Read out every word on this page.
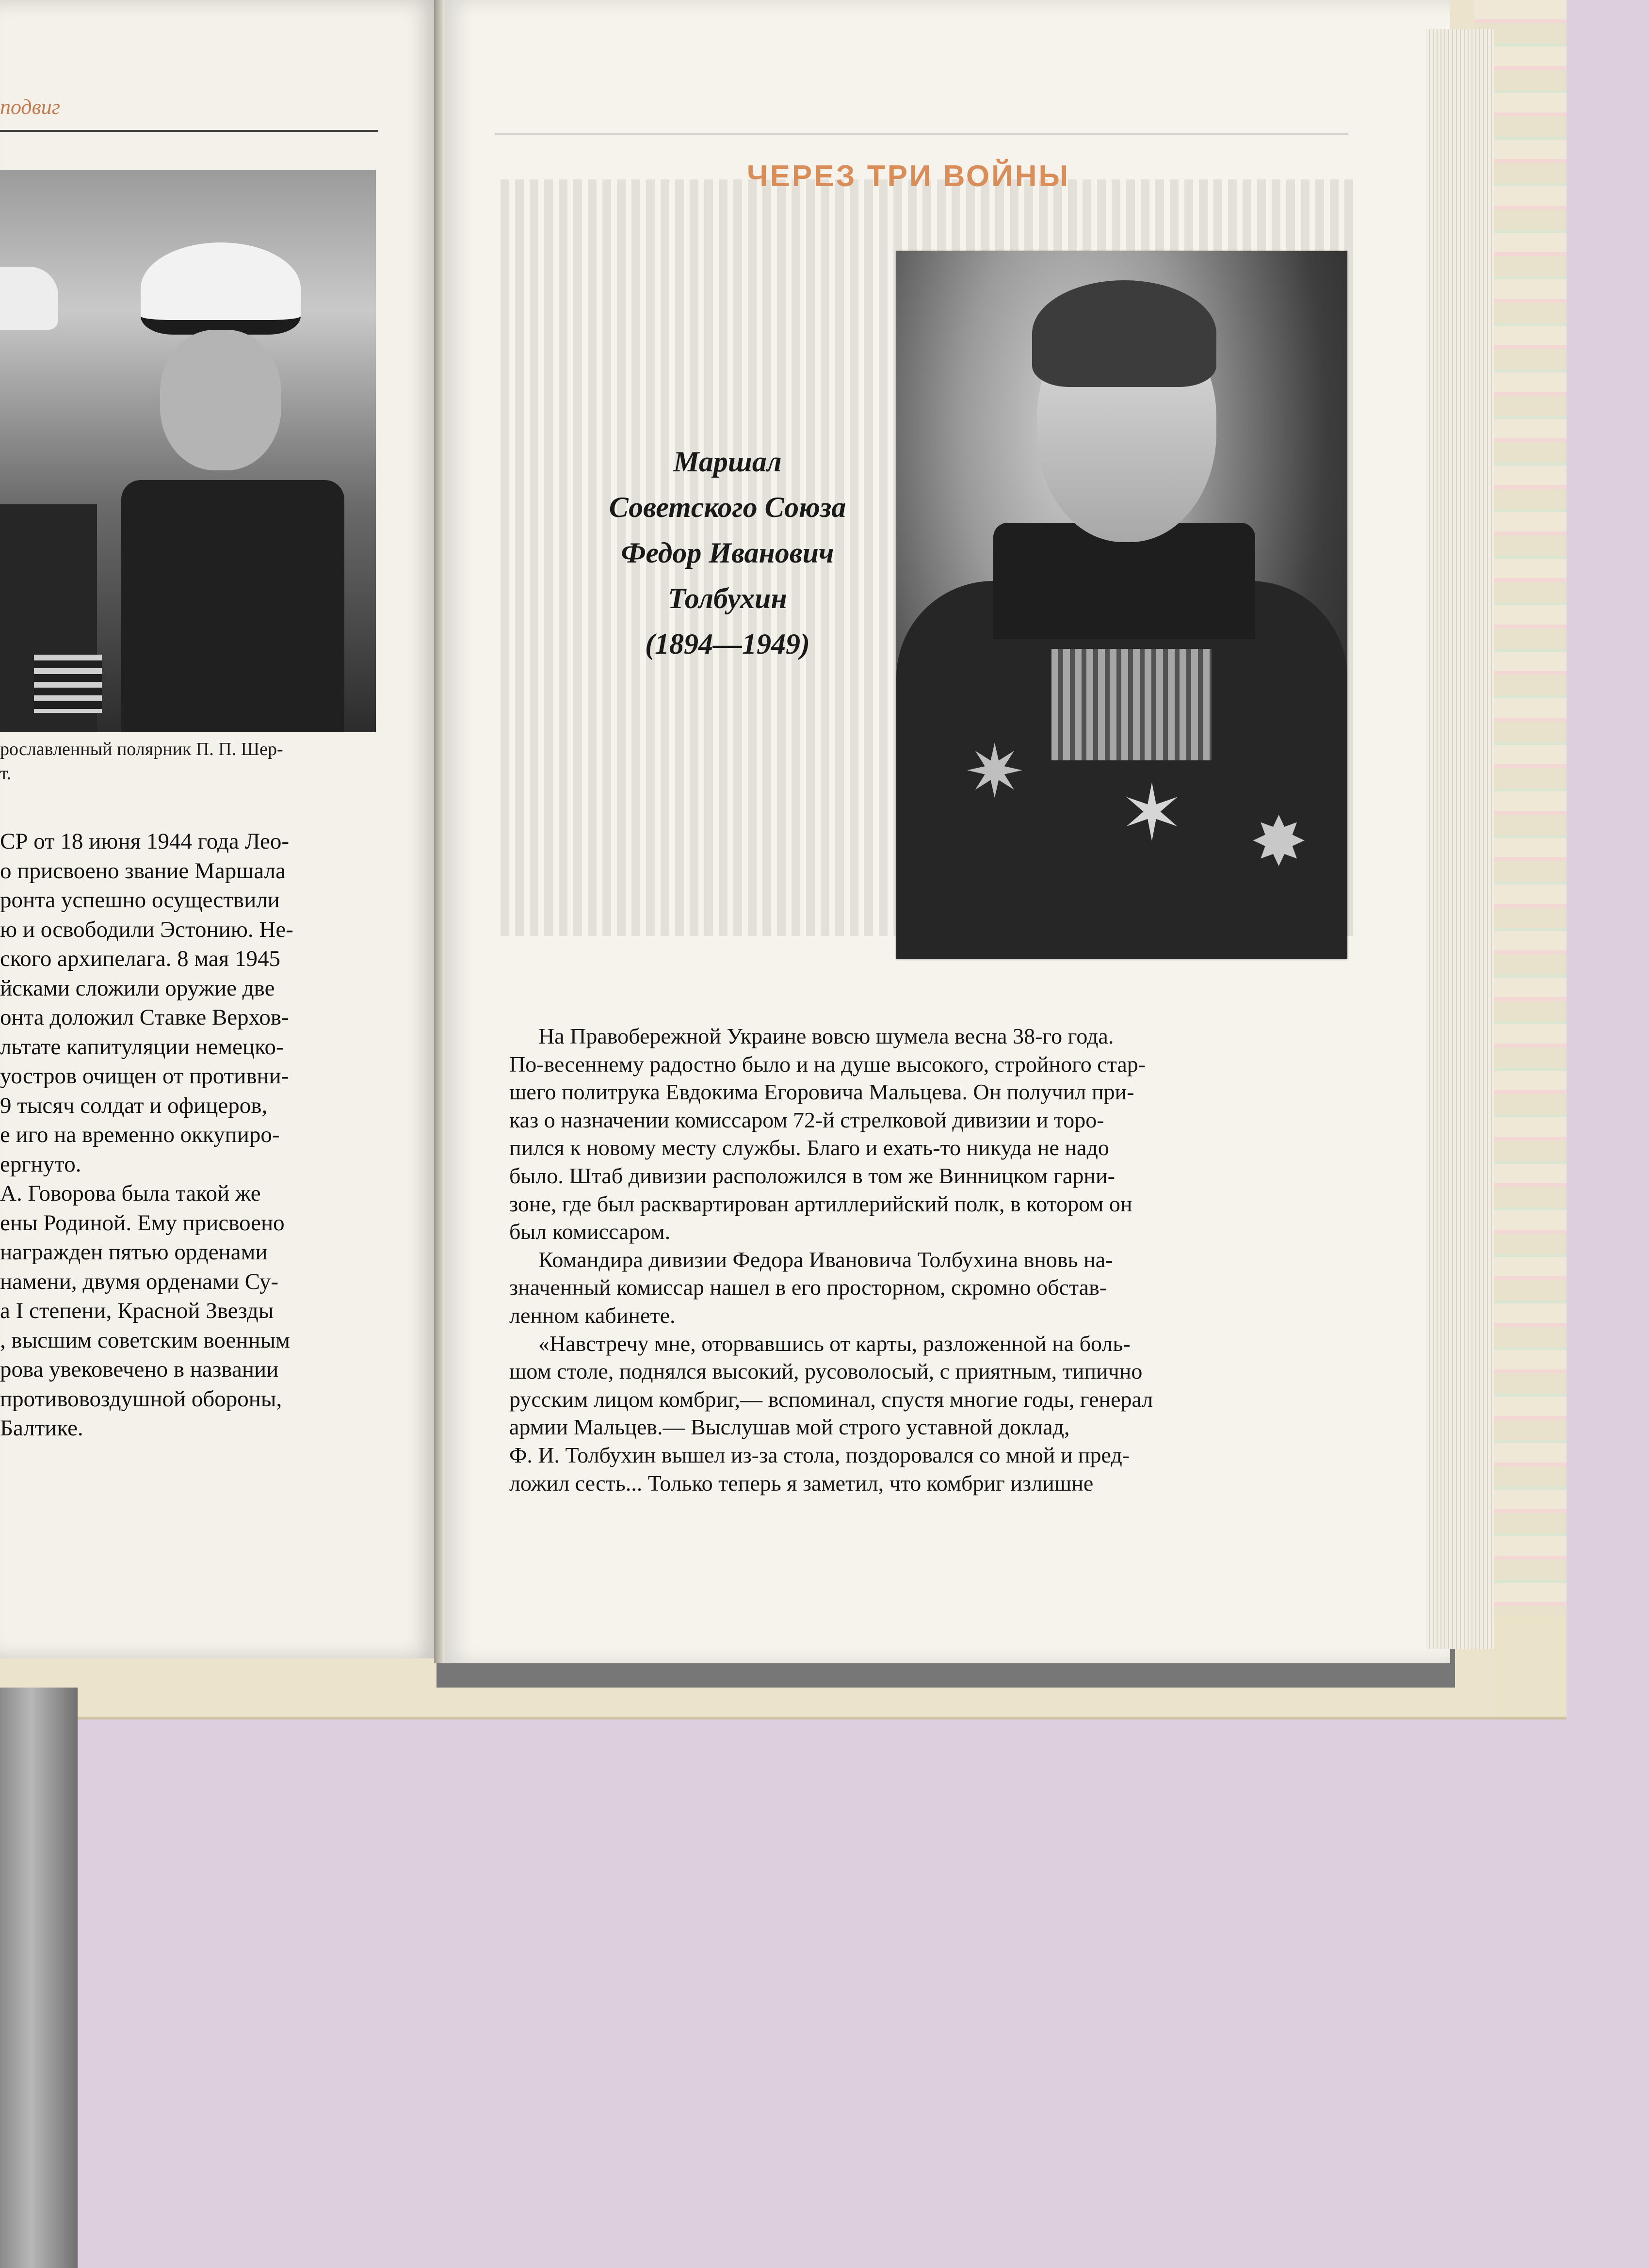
подвиг
рославленный полярник П. П. Шер-
т.

СР от 18 июня 1944 года Лео-

о присвоено звание Маршала

ронта успешно осуществили

ю и освободили Эстонию. Не-

ского архипелага. 8 мая 1945

йсками сложили оружие две

онта доложил Ставке Верхов-

льтате капитуляции немецко-

уостров очищен от противни-

9 тысяч солдат и офицеров,

е иго на временно оккупиро-

ергнуто.

А. Говорова была такой же

ены Родиной. Ему присвоено

награжден пятью орденами

намени, двумя орденами Су-

а I степени, Красной Звезды

, высшим советским военным

рова увековечено в названии

противовоздушной обороны,

Балтике.

ЧЕРЕЗ ТРИ ВОЙНЫ
✶
✷
✸
Маршал
Советского Союза
Федор Иванович
Толбухин
(1894—1949)

На Правобережной Украине вовсю шумела весна 38-го года.

По-весеннему радостно было и на душе высокого, стройного стар-

шего политрука Евдокима Егоровича Мальцева. Он получил при-

каз о назначении комиссаром 72-й стрелковой дивизии и торо-

пился к новому месту службы. Благо и ехать-то никуда не надо

было. Штаб дивизии расположился в том же Винницком гарни-

зоне, где был расквартирован артиллерийский полк, в котором он

был комиссаром.

Командира дивизии Федора Ивановича Толбухина вновь на-

значенный комиссар нашел в его просторном, скромно обстав-

ленном кабинете.

«Навстречу мне, оторвавшись от карты, разложенной на боль-

шом столе, поднялся высокий, русоволосый, с приятным, типично

русским лицом комбриг,— вспоминал, спустя многие годы, генерал

армии Мальцев.— Выслушав мой строго уставной доклад,

Ф. И. Толбухин вышел из-за стола, поздоровался со мной и пред-

ложил сесть... Только теперь я заметил, что комбриг излишне
